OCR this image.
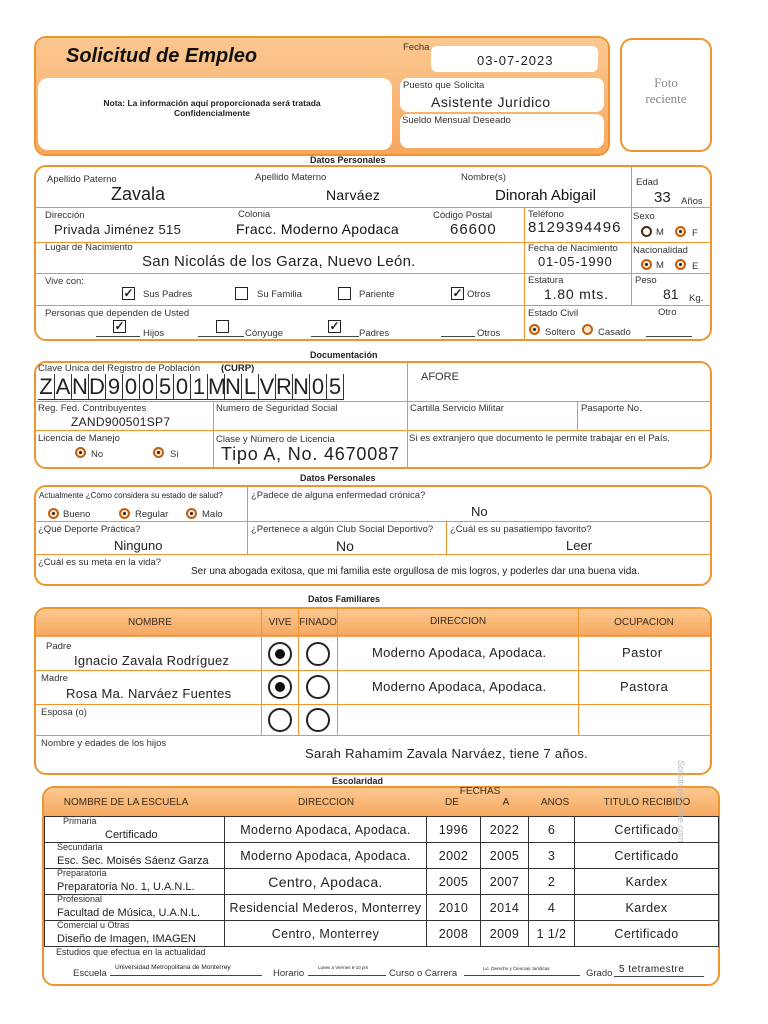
Solicitud de Empleo
Nota: La información aquí proporcionada será tratada Confidencialmente
Fecha
03-07-2023
Puesto que Solicita
Asistente Jurídico
Sueldo Mensual Deseado
Foto reciente
Datos Personales
Apellido Paterno
Zavala
Apellido Materno
Narváez
Nombre(s)
Dinorah Abigail
Edad
33 Años
Dirección
Privada Jiménez 515
Colonia
Fracc. Moderno Apodaca
Código Postal
66600
Teléfono
8129394496
Sexo
M	F
Lugar de Nacimiento
San Nicolás de los Garza, Nuevo León.
Fecha de Nacimiento
01-05-1990
Nacionalidad
M	E
Vive con:
✓ Sus Padres	Su Familia	Pariente	✓ Otros
Estatura
1.80 mts.
Peso
81 Kg.
Personas que dependen de Usted
✓
Hijos	Cónyuge
✓
Padres	Otros
Estado Civil	Otro
Soltero Casado
Documentación
Clave Unica del Registro de Población (CURP)
Z AND 9 0 0 5 0 1 MN L VRN 0 5	AFORE
Reg. Fed. Contribuyentes
ZAND900501SP7
Numero de Seguridad Social	Cartilla Servicio Militar	Pasaporte No.
Licencia de Manejo
No	Si
Clase y Número de Licencia
Tipo A, No. 4670087
Si es extranjero que documento le permite trabajar en el País.
Datos Personales
Actualmente ¿Cómo considera su estado de salud?
Bueno	Regular	Malo
¿Padece de alguna enfermedad crónica?
No
¿Qué Deporte Práctica?
Ninguno
¿Pertenece a algún Club Social Deportivo?
No
¿Cuál es su pasatiempo favorito?
Leer
¿Cuál es su meta en la vida?
Ser una abogada exitosa, que mi familia este orgullosa de mis logros, y poderles dar una buena vida.
Datos Familiares
NOMBRE	VIVE FINADO	DIRECCION	OCUPACION
Padre
Ignacio Zavala Rodríguez
Moderno Apodaca, Apodaca.	Pastor
Madre
Rosa Ma. Narváez Fuentes	Moderno Apodaca, Apodaca.	Pastora
Esposa (o)
Nombre y edades de los hijos
Sarah Rahamim Zavala Narváez, tiene 7 años.
Escolaridad
FECHAS
NOMBRE DE LA ESCUELA	DIRECCION	DE	A	ANOS	TITULO RECIBIDO
Primaria
Certificado	Moderno Apodaca, Apodaca.	1996	2022	6	Certificado
Secundaria
Esc. Sec. Moisés Sáenz Garza	Moderno Apodaca, Apodaca.	2002	2005	3	Certificado
Preparatoria
Preparatoria No. 1, U.A.N.L.	Centro, Apodaca.	2005	2007	2	Kardex
Profesional
Facultad de Música, U.A.N.L.	Residencial Mederos, Monterrey	2010	2014	4	Kardex
Comercial u Otras
Diseño de Imagen, IMAGEN	Centro, Monterrey	2008	2009	1 1/2	Certificado
Estudios que efectua en la actualidad
Escuela
Universidad Metropolitana de Monterrey
Horario
Lunes a Viernes 6-10 pm
Curso o Carrera	Lic. Derecho y Ciencias Jurídicas	Grado 5 tetramestre
Solicitud-Online.com
